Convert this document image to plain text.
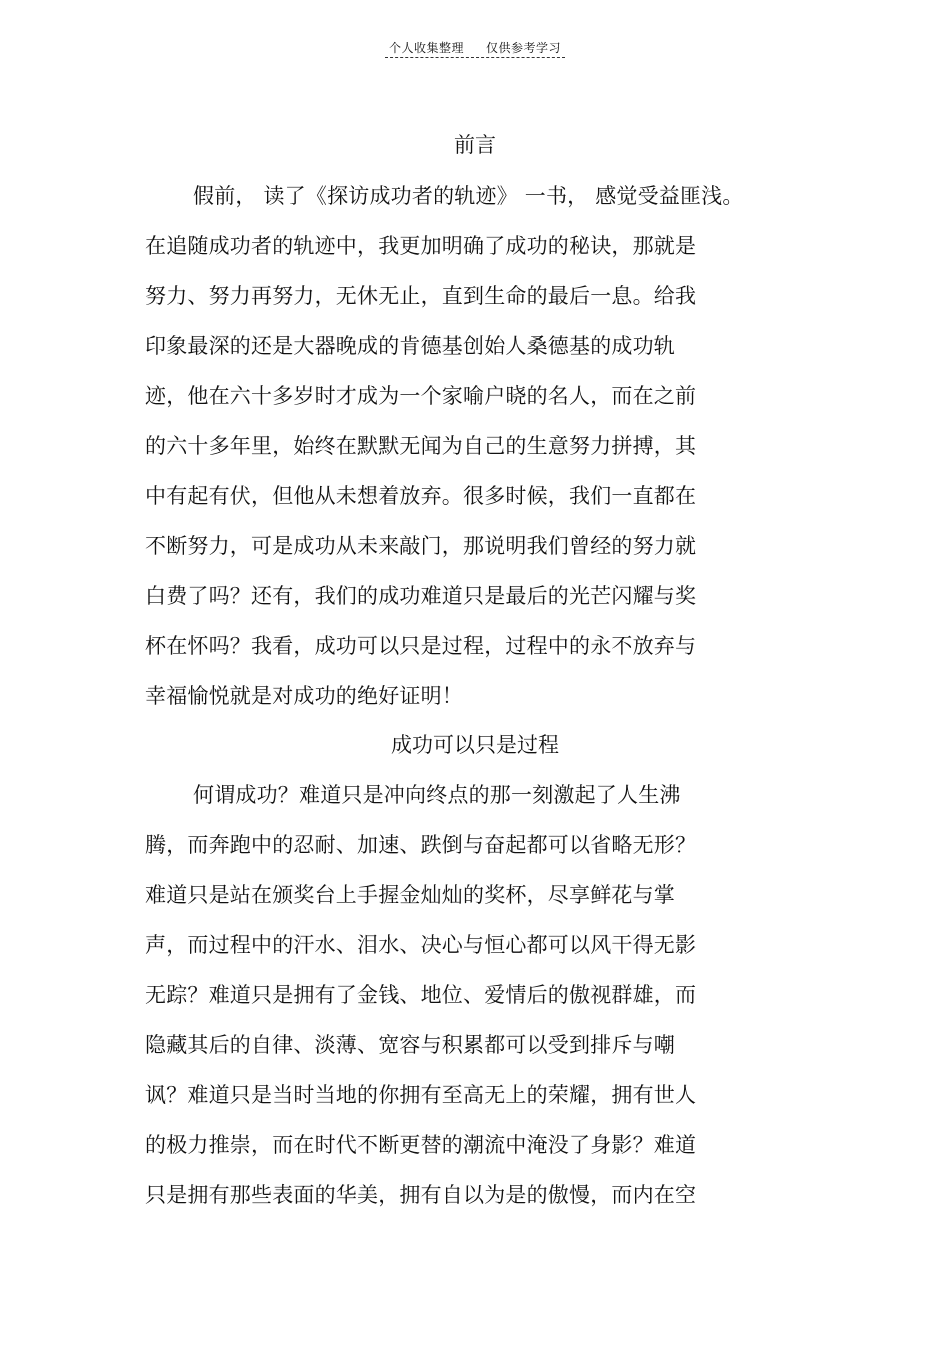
个人收集整理 仅供参考学习
前言
假前， 读了《探访成功者的轨迹》 一书， 感觉受益匪浅。
在追随成功者的轨迹中，我更加明确了成功的秘诀，那就是
努力、努力再努力，无休无止，直到生命的最后一息。给我
印象最深的还是大器晚成的肯德基创始人桑德基的成功轨
迹，他在六十多岁时才成为一个家喻户晓的名人，而在之前
的六十多年里，始终在默默无闻为自己的生意努力拼搏，其
中有起有伏，但他从未想着放弃。很多时候，我们一直都在
不断努力，可是成功从未来敲门，那说明我们曾经的努力就
白费了吗？还有，我们的成功难道只是最后的光芒闪耀与奖
杯在怀吗？我看，成功可以只是过程，过程中的永不放弃与
幸福愉悦就是对成功的绝好证明！
成功可以只是过程
何谓成功？难道只是冲向终点的那一刻激起了人生沸
腾，而奔跑中的忍耐、加速、跌倒与奋起都可以省略无形？
难道只是站在颁奖台上手握金灿灿的奖杯，尽享鲜花与掌
声，而过程中的汗水、泪水、决心与恒心都可以风干得无影
无踪？难道只是拥有了金钱、地位、爱情后的傲视群雄，而
隐藏其后的自律、淡薄、宽容与积累都可以受到排斥与嘲
讽？难道只是当时当地的你拥有至高无上的荣耀，拥有世人
的极力推崇，而在时代不断更替的潮流中淹没了身影？难道
只是拥有那些表面的华美，拥有自以为是的傲慢，而内在空
